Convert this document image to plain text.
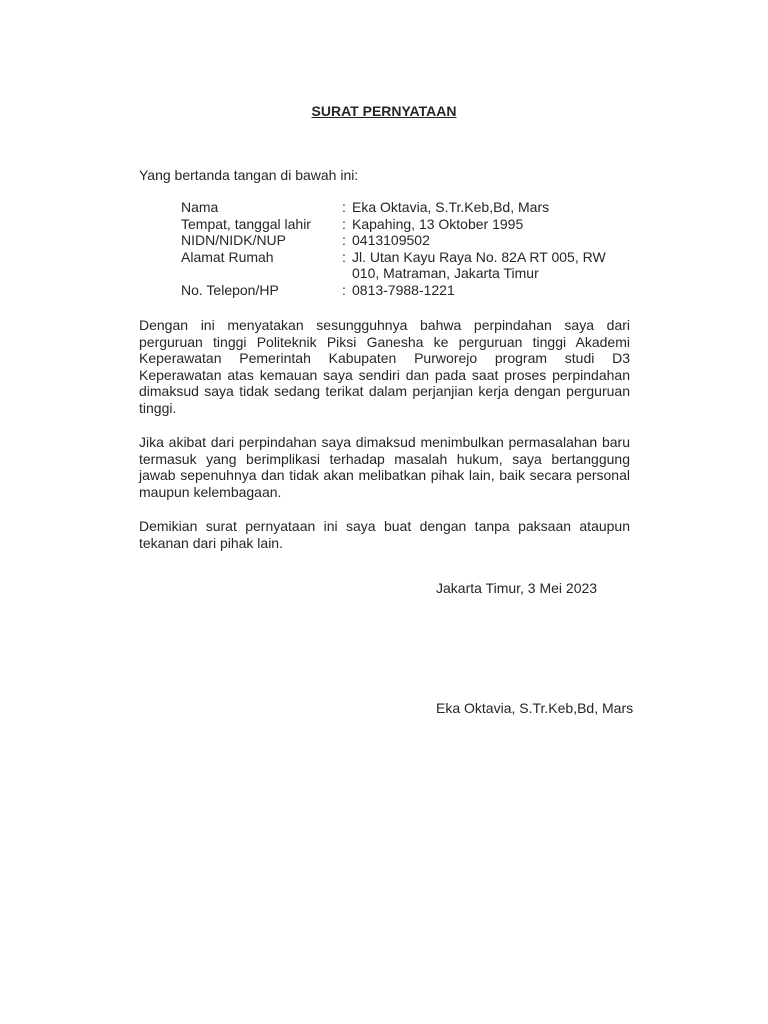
SURAT PERNYATAAN
Yang bertanda tangan di bawah ini:
Nama	: Eka Oktavia, S.Tr.Keb,Bd, Mars
Tempat, tanggal lahir	: Kapahing, 13 Oktober 1995
NIDN/NIDK/NUP	: 0413109502
Alamat Rumah	: Jl. Utan Kayu Raya No. 82A RT 005, RW 010, Matraman, Jakarta Timur
No. Telepon/HP	: 0813-7988-1221

Dengan ini menyatakan sesungguhnya bahwa perpindahan saya dari perguruan tinggi Politeknik Piksi Ganesha ke perguruan tinggi Akademi Keperawatan Pemerintah Kabupaten Purworejo program studi D3 Keperawatan atas kemauan saya sendiri dan pada saat proses perpindahan dimaksud saya tidak sedang terikat dalam perjanjian kerja dengan perguruan tinggi.

Jika akibat dari perpindahan saya dimaksud menimbulkan permasalahan baru termasuk yang berimplikasi terhadap masalah hukum, saya bertanggung jawab sepenuhnya dan tidak akan melibatkan pihak lain, baik secara personal maupun kelembagaan.

Demikian surat pernyataan ini saya buat dengan tanpa paksaan ataupun tekanan dari pihak lain.

Jakarta Timur, 3 Mei 2023
Eka Oktavia, S.Tr.Keb,Bd, Mars
